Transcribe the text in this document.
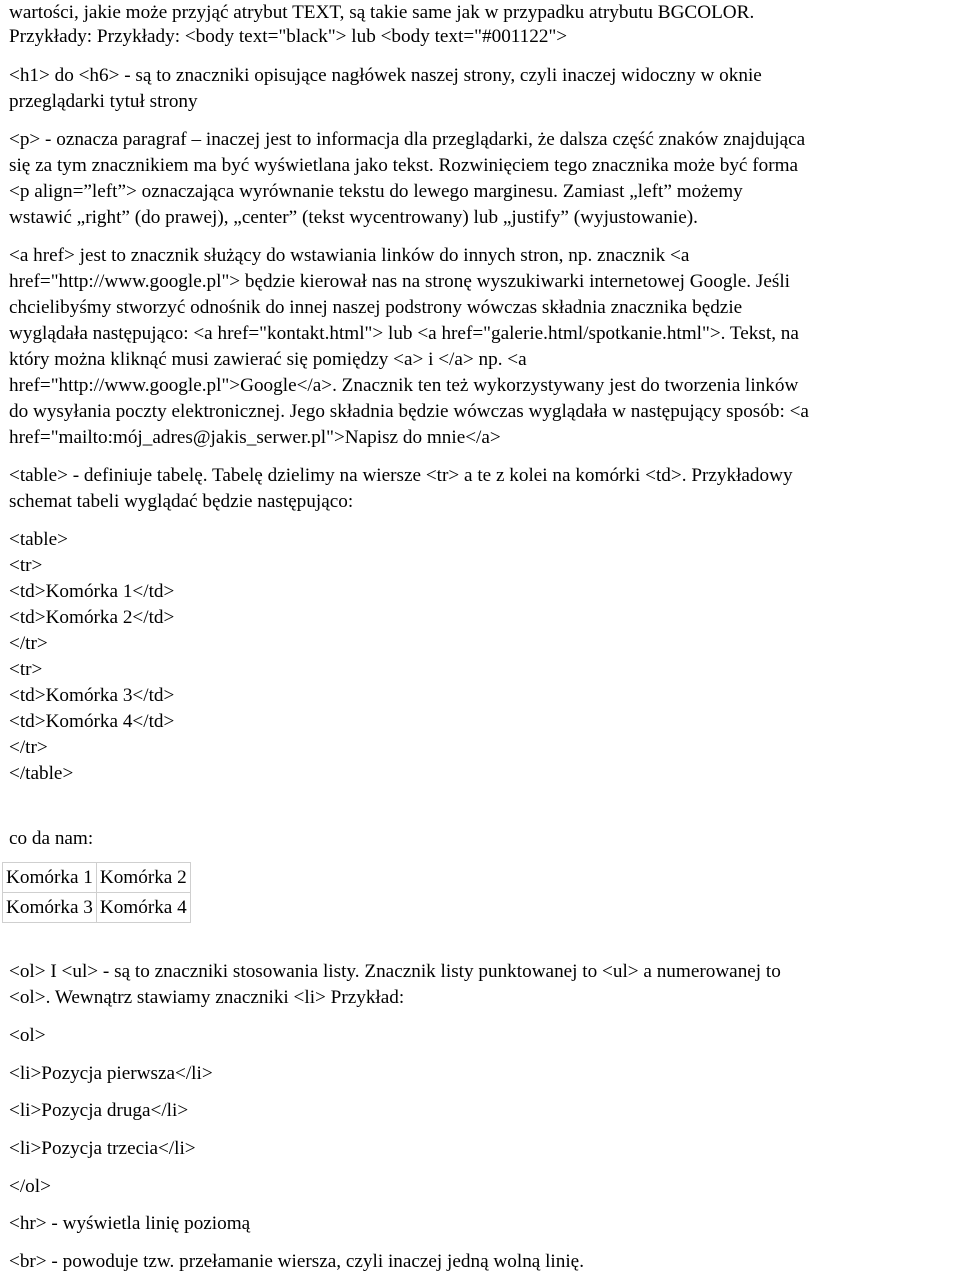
wartości, jakie może przyjąć atrybut TEXT, są takie same jak w przypadku atrybutu BGCOLOR.
Przykłady: Przykłady: <body text="black"> lub <body text="#001122">
<h1> do <h6> - są to znaczniki opisujące nagłówek naszej strony, czyli inaczej widoczny w oknie
przeglądarki tytuł strony
<p> - oznacza paragraf – inaczej jest to informacja dla przeglądarki, że dalsza część znaków znajdująca
się za tym znacznikiem ma być wyświetlana jako tekst. Rozwinięciem tego znacznika może być forma
<p align=”left”> oznaczająca wyrównanie tekstu do lewego marginesu. Zamiast „left” możemy
wstawić „right” (do prawej), „center” (tekst wycentrowany) lub „justify” (wyjustowanie).
<a href> jest to znacznik służący do wstawiania linków do innych stron, np. znacznik <a
href="http://www.google.pl"> będzie kierował nas na stronę wyszukiwarki internetowej Google. Jeśli
chcielibyśmy stworzyć odnośnik do innej naszej podstrony wówczas składnia znacznika będzie
wyglądała następująco: <a href="kontakt.html"> lub <a href="galerie.html/spotkanie.html">. Tekst, na
który można kliknąć musi zawierać się pomiędzy <a> i </a> np. <a
href="http://www.google.pl">Google</a>. Znacznik ten też wykorzystywany jest do tworzenia linków
do wysyłania poczty elektronicznej. Jego składnia będzie wówczas wyglądała w następujący sposób: <a
href="mailto:mój_adres@jakis_serwer.pl">Napisz do mnie</a>
<table> - definiuje tabelę. Tabelę dzielimy na wiersze <tr> a te z kolei na komórki <td>. Przykładowy
schemat tabeli wyglądać będzie następująco:
<table>
<tr>
<td>Komórka 1</td>
<td>Komórka 2</td>
</tr>
<tr>
<td>Komórka 3</td>
<td>Komórka 4</td>
</tr>
</table>
co da nam:
<ol> I <ul> - są to znaczniki stosowania listy. Znacznik listy punktowanej to <ul> a numerowanej to
<ol>. Wewnątrz stawiamy znaczniki <li> Przykład:
<ol>
<li>Pozycja pierwsza</li>
<li>Pozycja druga</li>
<li>Pozycja trzecia</li>
</ol>
<hr> - wyświetla linię poziomą
<br> - powoduje tzw. przełamanie wiersza, czyli inaczej jedną wolną linię.
Komórka 1	Komórka 2
Komórka 3	Komórka 4
